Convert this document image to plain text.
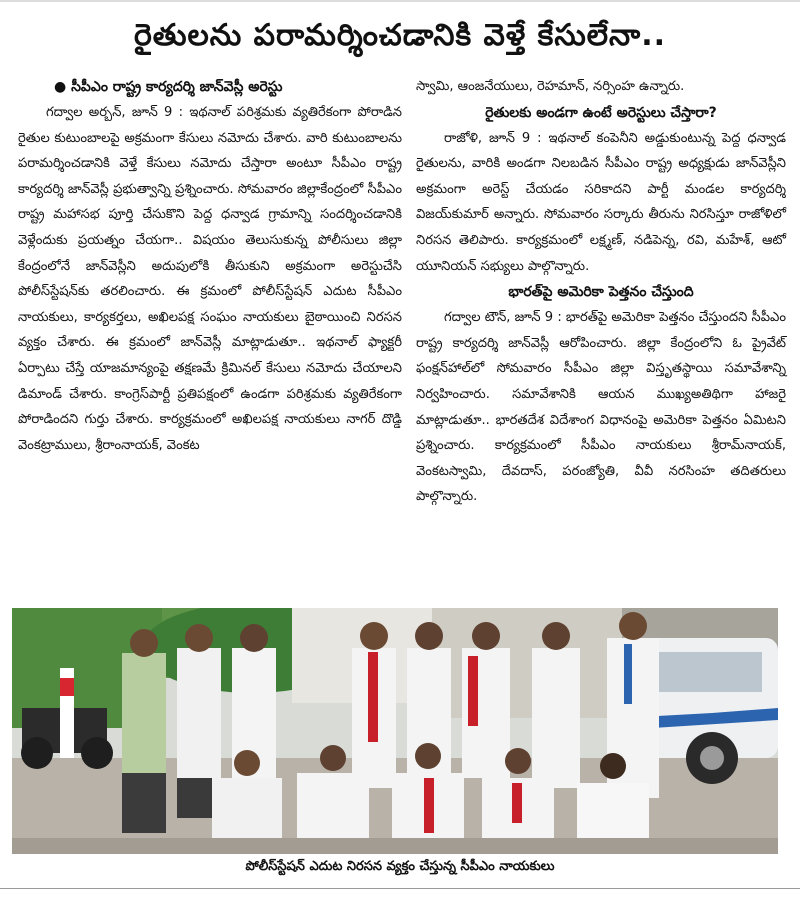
రైతులను పరామర్శించడానికి వెళ్తే కేసులేనా..
● సీపీఎం రాష్ట్ర కార్యదర్శి జాన్‌వెస్లీ అరెస్టు

గద్వాల అర్బన్, జూన్ 9 : ఇథనాల్ పరిశ్రమకు వ్యతిరేకంగా పోరాడిన రైతుల కుటుంబాలపై అక్రమంగా కేసులు నమోదు చేశారు. వారి కుటుంబాలను పరామర్శించడానికి వెళ్తే కేసులు నమోదు చేస్తారా అంటూ సీపీఎం రాష్ట్ర కార్యదర్శి జాన్‌వెస్లీ ప్రభుత్వాన్ని ప్రశ్నించారు. సోమవారం జిల్లాకేంద్రంలో సీపీఎం రాష్ట్ర మహాసభ పూర్తి చేసుకొని పెద్ద ధన్వాడ గ్రామాన్ని సందర్శించడానికి వెళ్లేందుకు ప్రయత్నం చేయగా.. విషయం తెలుసుకున్న పోలీసులు జిల్లా కేంద్రంలోనే జాన్‌వెస్లీని అదుపులోకి తీసుకుని అక్రమంగా అరెస్టుచేసి పోలీస్‌స్టేషన్‌కు తరలించారు. ఈ క్రమంలో పోలీస్‌స్టేషన్ ఎదుట సీపీఎం నాయకులు, కార్యకర్తలు, అఖిలపక్ష సంఘం నాయకులు బైఠాయించి నిరసన వ్యక్తం చేశారు. ఈ క్రమంలో జాన్‌వెస్లీ మాట్లాడుతూ.. ఇథనాల్ ఫ్యాక్టరీ ఏర్పాటు చేస్తే యాజమాన్యంపై తక్షణమే క్రిమినల్ కేసులు నమోదు చేయాలని డిమాండ్ చేశారు. కాంగ్రెస్‌పార్టీ ప్రతిపక్షంలో ఉండగా పరిశ్రమకు వ్యతిరేకంగా పోరాడిందని గుర్తు చేశారు. కార్యక్రమంలో అఖిలపక్ష నాయకులు నాగర్ దొడ్డి వెంకట్రాములు, శ్రీరాంనాయక్, వెంకట

స్వామి, ఆంజనేయులు, రెహమాన్, నర్సింహ ఉన్నారు.

రైతులకు అండగా ఉంటే అరెస్టులు చేస్తారా?

రాజోళి, జూన్ 9 : ఇథనాల్ కంపెనీని అడ్డుకుంటున్న పెద్ద ధన్వాడ రైతులను, వారికి అండగా నిలబడిన సీపీఎం రాష్ట్ర అధ్యక్షుడు జాన్‌వెస్లీని అక్రమంగా అరెస్ట్ చేయడం సరికాదని పార్టీ మండల కార్యదర్శి విజయ్‌కుమార్ అన్నారు. సోమవారం సర్కారు తీరును నిరసిస్తూ రాజోళిలో నిరసన తెలిపారు. కార్యక్రమంలో లక్ష్మణ్, నడిపెన్న, రవి, మహేశ్, ఆటో యూనియన్ సభ్యులు పాల్గొన్నారు.

భారత్‌పై అమెరికా పెత్తనం చేస్తుంది

గద్వాల టౌన్, జూన్ 9 : భారత్‌పై అమెరికా పెత్తనం చేస్తుందని సీపీఎం రాష్ట్ర కార్యదర్శి జాన్‌వెస్లీ ఆరోపించారు. జిల్లా కేంద్రంలోని ఓ ప్రైవేట్ ఫంక్షన్‌హాల్‌లో సోమవారం సీపీఎం జిల్లా విస్తృతస్థాయి సమావేశాన్ని నిర్వహించారు. సమావేశానికి ఆయన ముఖ్యఅతిథిగా హాజరై మాట్లాడుతూ.. భారతదేశ విదేశాంగ విధానంపై అమెరికా పెత్తనం ఏమిటని ప్రశ్నించారు. కార్యక్రమంలో సీపీఎం నాయకులు శ్రీరామ్‌నాయక్, వెంకటస్వామి, దేవదాస్, పరంజ్యోతి, వీవీ నరసింహ తదితరులు పాల్గొన్నారు.

పోలీస్‌స్టేషన్ ఎదుట నిరసన వ్యక్తం చేస్తున్న సీపీఎం నాయకులు
